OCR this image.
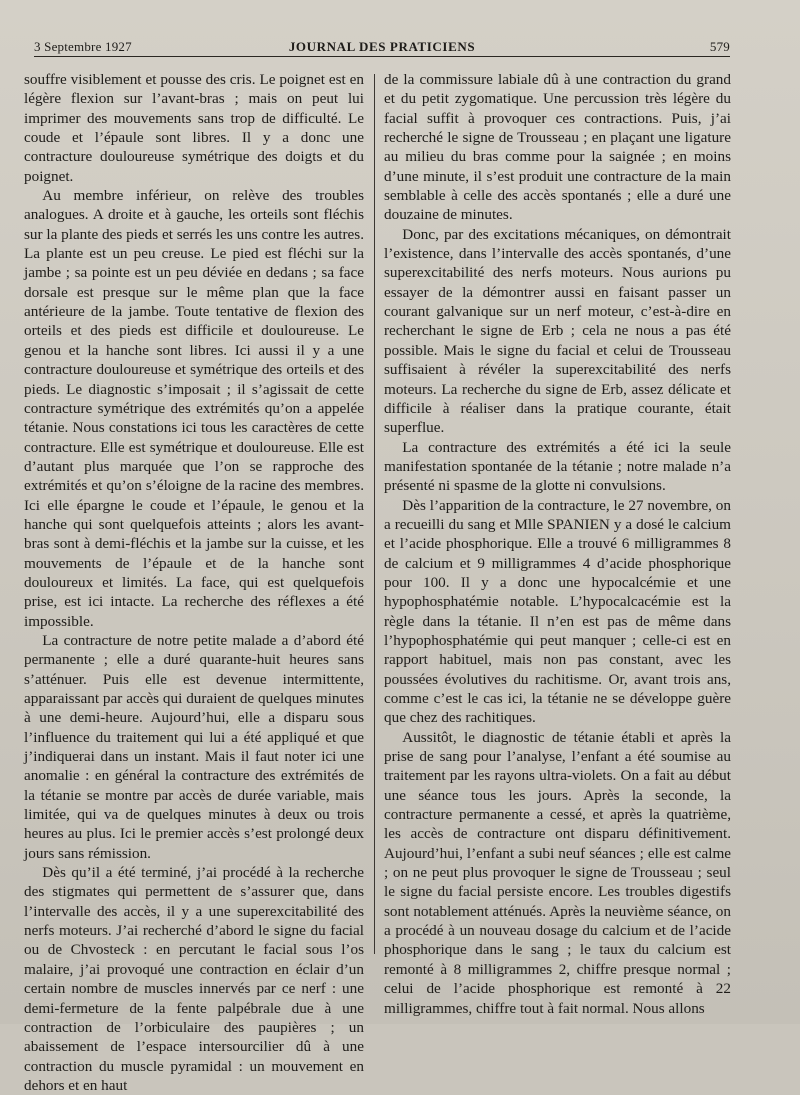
3 Septembre 1927	JOURNAL DES PRATICIENS	579

souffre visiblement et pousse des cris. Le poignet est en légère flexion sur l’avant-bras ; mais on peut lui imprimer des mouvements sans trop de difficulté. Le coude et l’épaule sont libres. Il y a donc une contracture douloureuse symétrique des doigts et du poignet.

Au membre inférieur, on relève des troubles analogues. A droite et à gauche, les orteils sont fléchis sur la plante des pieds et serrés les uns contre les autres. La plante est un peu creuse. Le pied est fléchi sur la jambe ; sa pointe est un peu déviée en dedans ; sa face dorsale est presque sur le même plan que la face antérieure de la jambe. Toute tentative de flexion des orteils et des pieds est difficile et douloureuse. Le genou et la hanche sont libres. Ici aussi il y a une contracture douloureuse et symétrique des orteils et des pieds. Le diagnostic s’imposait ; il s’agissait de cette contracture symétrique des extrémités qu’on a appelée tétanie. Nous constations ici tous les caractères de cette contracture. Elle est symétrique et douloureuse. Elle est d’autant plus marquée que l’on se rapproche des extrémités et qu’on s’éloigne de la racine des membres. Ici elle épargne le coude et l’épaule, le genou et la hanche qui sont quelquefois atteints ; alors les avant-bras sont à demi-fléchis et la jambe sur la cuisse, et les mouvements de l’épaule et de la hanche sont douloureux et limités. La face, qui est quelquefois prise, est ici intacte. La recherche des réflexes a été impossible.

La contracture de notre petite malade a d’abord été permanente ; elle a duré quarante-huit heures sans s’atténuer. Puis elle est devenue intermittente, apparaissant par accès qui duraient de quelques minutes à une demi-heure. Aujourd’hui, elle a disparu sous l’influence du traitement qui lui a été appliqué et que j’indiquerai dans un instant. Mais il faut noter ici une anomalie : en général la contracture des extrémités de la tétanie se montre par accès de durée variable, mais limitée, qui va de quelques minutes à deux ou trois heures au plus. Ici le premier accès s’est prolongé deux jours sans rémission.

Dès qu’il a été terminé, j’ai procédé à la recherche des stigmates qui permettent de s’assurer que, dans l’intervalle des accès, il y a une superexcitabilité des nerfs moteurs. J’ai recherché d’abord le signe du facial ou de Chvosteck : en percutant le facial sous l’os malaire, j’ai provoqué une contraction en éclair d’un certain nombre de muscles innervés par ce nerf : une demi-fermeture de la fente palpébrale due à une contraction de l’orbiculaire des paupières ; un abaissement de l’espace intersourcilier dû à une contraction du muscle pyramidal : un mouvement en dehors et en haut

de la commissure labiale dû à une contraction du grand et du petit zygomatique. Une percussion très légère du facial suffit à provoquer ces contractions. Puis, j’ai recherché le signe de Trousseau ; en plaçant une ligature au milieu du bras comme pour la saignée ; en moins d’une minute, il s’est produit une contracture de la main semblable à celle des accès spontanés ; elle a duré une douzaine de minutes.

Donc, par des excitations mécaniques, on démontrait l’existence, dans l’intervalle des accès spontanés, d’une superexcitabilité des nerfs moteurs. Nous aurions pu essayer de la démontrer aussi en faisant passer un courant galvanique sur un nerf moteur, c’est-à-dire en recherchant le signe de Erb ; cela ne nous a pas été possible. Mais le signe du facial et celui de Trousseau suffisaient à révéler la superexcitabilité des nerfs moteurs. La recherche du signe de Erb, assez délicate et difficile à réaliser dans la pratique courante, était superflue.

La contracture des extrémités a été ici la seule manifestation spontanée de la tétanie ; notre malade n’a présenté ni spasme de la glotte ni convulsions.

Dès l’apparition de la contracture, le 27 novembre, on a recueilli du sang et Mlle SPANIEN y a dosé le calcium et l’acide phosphorique. Elle a trouvé 6 milligrammes 8 de calcium et 9 milligrammes 4 d’acide phosphorique pour 100. Il y a donc une hypocalcémie et une hypophosphatémie notable. L’hypocalcacémie est la règle dans la tétanie. Il n’en est pas de même dans l’hypophosphatémie qui peut manquer ; celle-ci est en rapport habituel, mais non pas constant, avec les poussées évolutives du rachitisme. Or, avant trois ans, comme c’est le cas ici, la tétanie ne se développe guère que chez des rachitiques.

Aussitôt, le diagnostic de tétanie établi et après la prise de sang pour l’analyse, l’enfant a été soumise au traitement par les rayons ultra-violets. On a fait au début une séance tous les jours. Après la seconde, la contracture permanente a cessé, et après la quatrième, les accès de contracture ont disparu définitivement. Aujourd’hui, l’enfant a subi neuf séances ; elle est calme ; on ne peut plus provoquer le signe de Trousseau ; seul le signe du facial persiste encore. Les troubles digestifs sont notablement atténués. Après la neuvième séance, on a procédé à un nouveau dosage du calcium et de l’acide phosphorique dans le sang ; le taux du calcium est remonté à 8 milligrammes 2, chiffre presque normal ; celui de l’acide phosphorique est remonté à 22 milligrammes, chiffre tout à fait normal. Nous allons
